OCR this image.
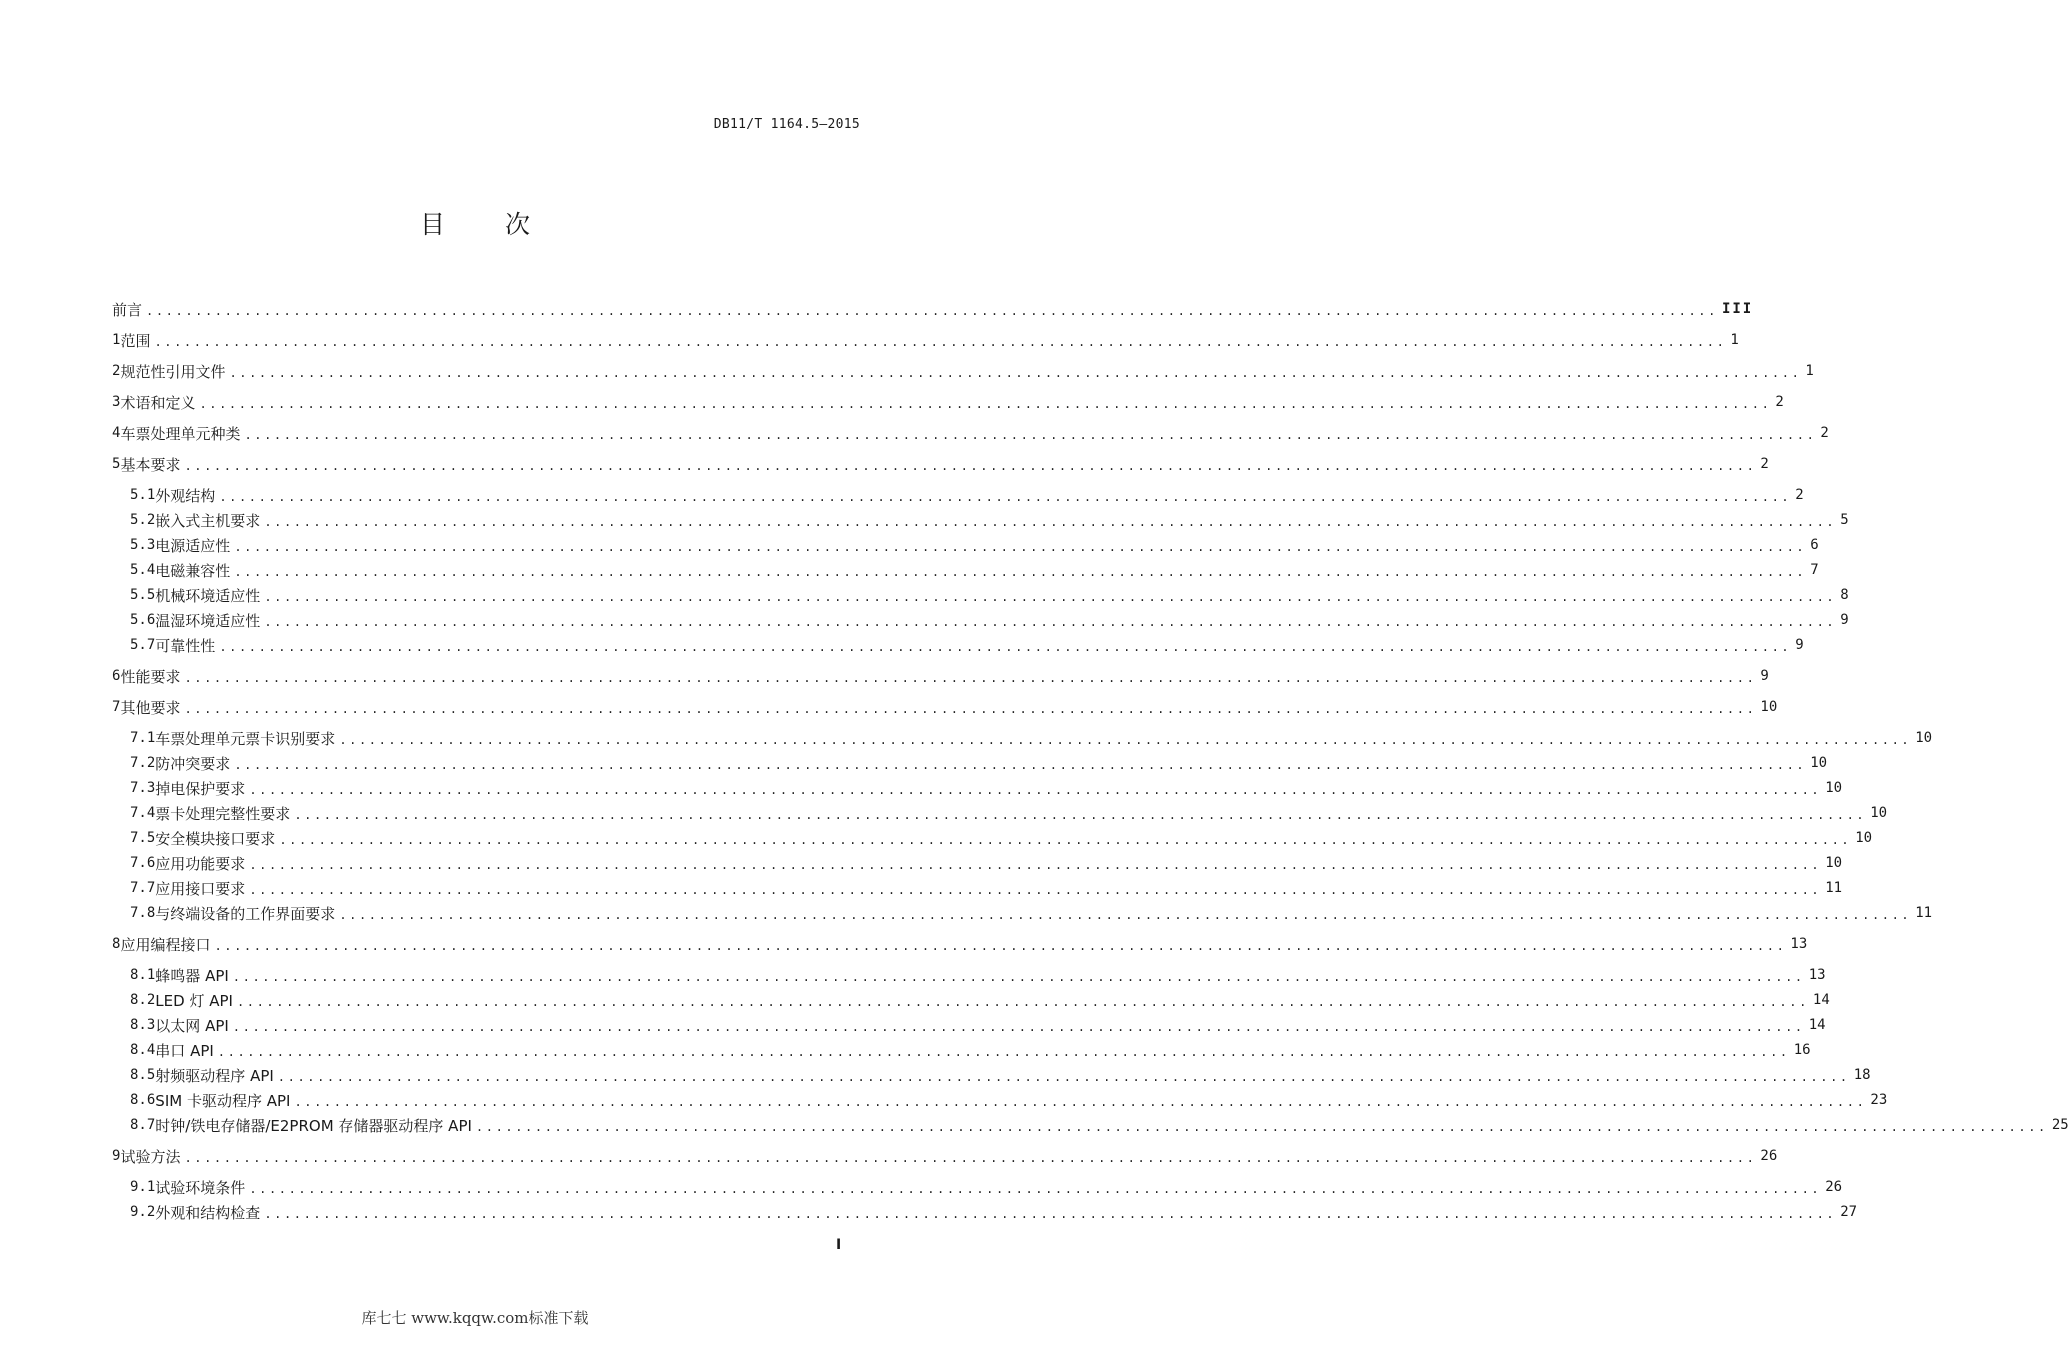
DB11/T 1164.5—2015
目 次
前言 ................................................................................................................................................................ III
1 范围 ................................................................................................................................................................ 1
2 规范性引用文件 ................................................................................................................................................................ 1
3 术语和定义 ................................................................................................................................................................ 2
4 车票处理单元种类 ................................................................................................................................................................ 2
5 基本要求 ................................................................................................................................................................ 2
5.1 外观结构 ................................................................................................................................................................ 2
5.2 嵌入式主机要求 ................................................................................................................................................................ 5
5.3 电源适应性 ................................................................................................................................................................ 6
5.4 电磁兼容性 ................................................................................................................................................................ 7
5.5 机械环境适应性 ................................................................................................................................................................ 8
5.6 温湿环境适应性 ................................................................................................................................................................ 9
5.7 可靠性性 ................................................................................................................................................................ 9
6 性能要求 ................................................................................................................................................................ 9
7 其他要求 ................................................................................................................................................................ 10
7.1 车票处理单元票卡识别要求 ................................................................................................................................................................ 10
7.2 防冲突要求 ................................................................................................................................................................ 10
7.3 掉电保护要求 ................................................................................................................................................................ 10
7.4 票卡处理完整性要求 ................................................................................................................................................................ 10
7.5 安全模块接口要求 ................................................................................................................................................................ 10
7.6 应用功能要求 ................................................................................................................................................................ 10
7.7 应用接口要求 ................................................................................................................................................................ 11
7.8 与终端设备的工作界面要求 ................................................................................................................................................................ 11
8 应用编程接口 ................................................................................................................................................................ 13
8.1 蜂鸣器 API ................................................................................................................................................................ 13
8.2 LED 灯 API ................................................................................................................................................................ 14
8.3 以太网 API ................................................................................................................................................................ 14
8.4 串口 API ................................................................................................................................................................ 16
8.5 射频驱动程序 API ................................................................................................................................................................ 18
8.6 SIM 卡驱动程序 API ................................................................................................................................................................ 23
8.7 时钟/铁电存储器/E2PROM 存储器驱动程序 API ................................................................................................................................................................ 25
9 试验方法 ................................................................................................................................................................ 26
9.1 试验环境条件 ................................................................................................................................................................ 26
9.2 外观和结构检查 ................................................................................................................................................................ 27
I
库七七 www.kqqw.com标准下载
